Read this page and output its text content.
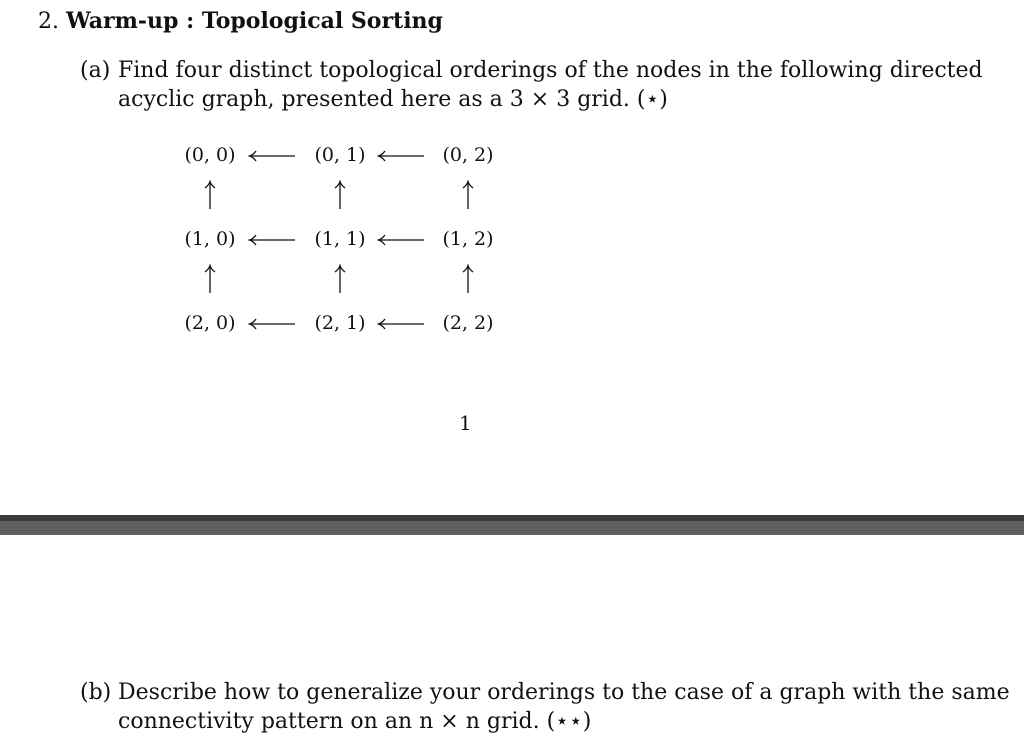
2. Warm-up : Topological Sorting
(a) Find four distinct topological orderings of the nodes in the following directed
acyclic graph, presented here as a 3 × 3 grid. (⋆)
(0, 0)	(0, 1)	(0, 2)
(1, 0)	(1, 1)	(1, 2)
(2, 0)	(2, 1)	(2, 2)
1
(b) Describe how to generalize your orderings to the case of a graph with the same
connectivity pattern on an n × n grid. (⋆⋆)
